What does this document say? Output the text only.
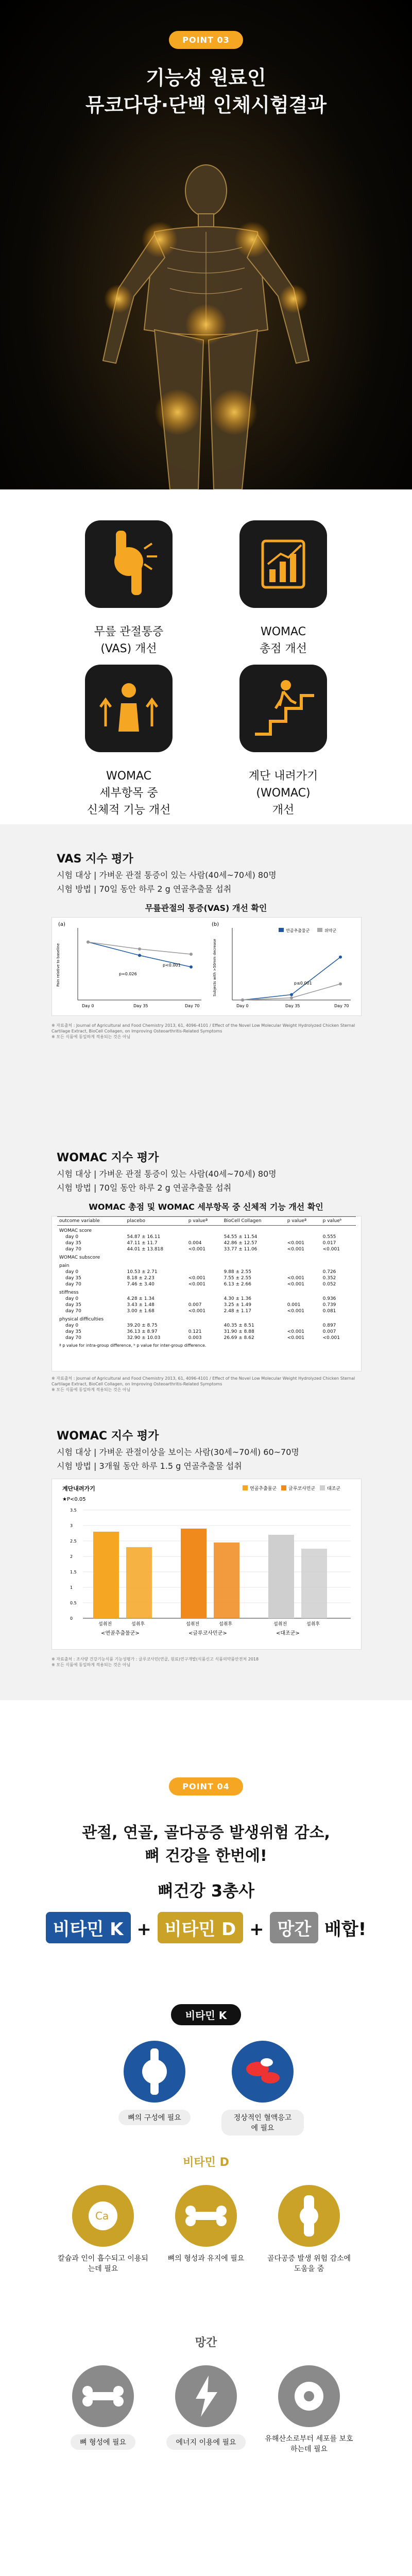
POINT 03

기능성 원료인
뮤코다당·단백 인체시험결과

무릎 관절통증
(VAS) 개선
WOMAC
총점 개선
WOMAC
세부항목 중
신체적 기능 개선
계단 내려가기
(WOMAC)
개선

VAS 지수 평가

시험 대상 | 가벼운 관절 통증이 있는 사람(40세~70세) 80명
시험 방법 | 70일 동안 하루 2 g 연골추출물 섭취
무릎관절의 통증(VAS) 개선 확인
(a)
Day 0	Day 35	Day 70
p=0.026
p<0.001
Pain relative to baseline
(b)
Day 0	Day 35	Day 70
p≤0.001
Subjects with >50mm decrease
연골추출물군	위약군
※ 자료출처 : Journal of Agricultural and Food Chemistry 2013, 61, 4096-4101 / Effect of the Novel Low Molecular Weight Hydrolyzed Chicken Sternal Cartilage Extract, BioCell Collagen, on Improving Osteoarthritis-Related Symptoms
※ 모든 식품에 동일하게 적용되는 것은 아님

WOMAC 지수 평가

시험 대상 | 가벼운 관절 통증이 있는 사람(40세~70세) 80명
시험 방법 | 70일 동안 하루 2 g 연골추출물 섭취
WOMAC 총점 및 WOMAC 세부항목 중 신체적 기능 개선 확인
outcome variable	placebo	p valueª	BioCell Collagen	p valueª	p valueᵇ
WOMAC score					
day 0	54.87 ± 16.11		54.55 ± 11.54		0.555
day 35	47.11 ± 11.7	0.004	42.86 ± 12.57	<0.001	0.017
day 70	44.01 ± 13.818	<0.001	33.77 ± 11.06	<0.001	<0.001
WOMAC subscore					
pain					
day 0	10.53 ± 2.71		9.88 ± 2.55		0.726
day 35	8.18 ± 2.23	<0.001	7.55 ± 2.55	<0.001	0.352
day 70	7.46 ± 3.40	<0.001	6.13 ± 2.66	<0.001	0.052
stiffness					
day 0	4.28 ± 1.34		4.30 ± 1.36		0.936
day 35	3.43 ± 1.48	0.007	3.25 ± 1.49	0.001	0.739
day 70	3.00 ± 1.68	<0.001	2.48 ± 1.17	<0.001	0.081
physical difficulties					
day 0	39.20 ± 8.75		40.35 ± 8.51		0.897
day 35	36.13 ± 8.97	0.121	31.90 ± 8.88	<0.001	0.007
day 70	32.90 ± 10.03	0.003	26.69 ± 8.62	<0.001	<0.001
ª p value for intra-group difference, ᵇ p value for inter-group difference.
※ 자료출처 : Journal of Agricultural and Food Chemistry 2013, 61, 4096-4101 / Effect of the Novel Low Molecular Weight Hydrolyzed Chicken Sternal Cartilage Extract, BioCell Collagen, on Improving Osteoarthritis-Related Symptoms
※ 모든 식품에 동일하게 적용되는 것은 아님

WOMAC 지수 평가

시험 대상 | 가벼운 관절이상을 보이는 사람(30세~70세) 60~70명
시험 방법 | 3개월 동안 하루 1.5 g 연골추출물 섭취
계단내려가기
★P<0.05
연골추출물군	글루코사민군	대조군
3.5
3
2.5
2
1.5
1
0.5
0
섭취전	섭취후	섭취전	섭취후	섭취전	섭취후
<연골추출물군>	<글루코사민군>	<대조군>
※ 자료출처 : 조사량 건강기능식품 기능성평가 : 글루코사민(연골, 원료)연구개발(식품신고 식품의약품안전처 2018
※ 모든 식품에 동일하게 적용되는 것은 아님
POINT 04
관절, 연골, 골다공증 발생위험 감소,
뼈 건강을 한번에!
뼈건강 3총사
비타민 K + 비타민 D + 망간 배합!
비타민 K
뼈의 구성에 필요	정상적인 혈액응고에 필요
비타민 D
Ca
칼슘과 인이 흡수되고 이용되는데 필요
뼈의 형성과 유지에 필요	골다공증 발생 위험 감소에 도움을 줌
망간
뼈 형성에 필요	에너지 이용에 필요	유해산소로부터 세포를 보호하는데 필요
